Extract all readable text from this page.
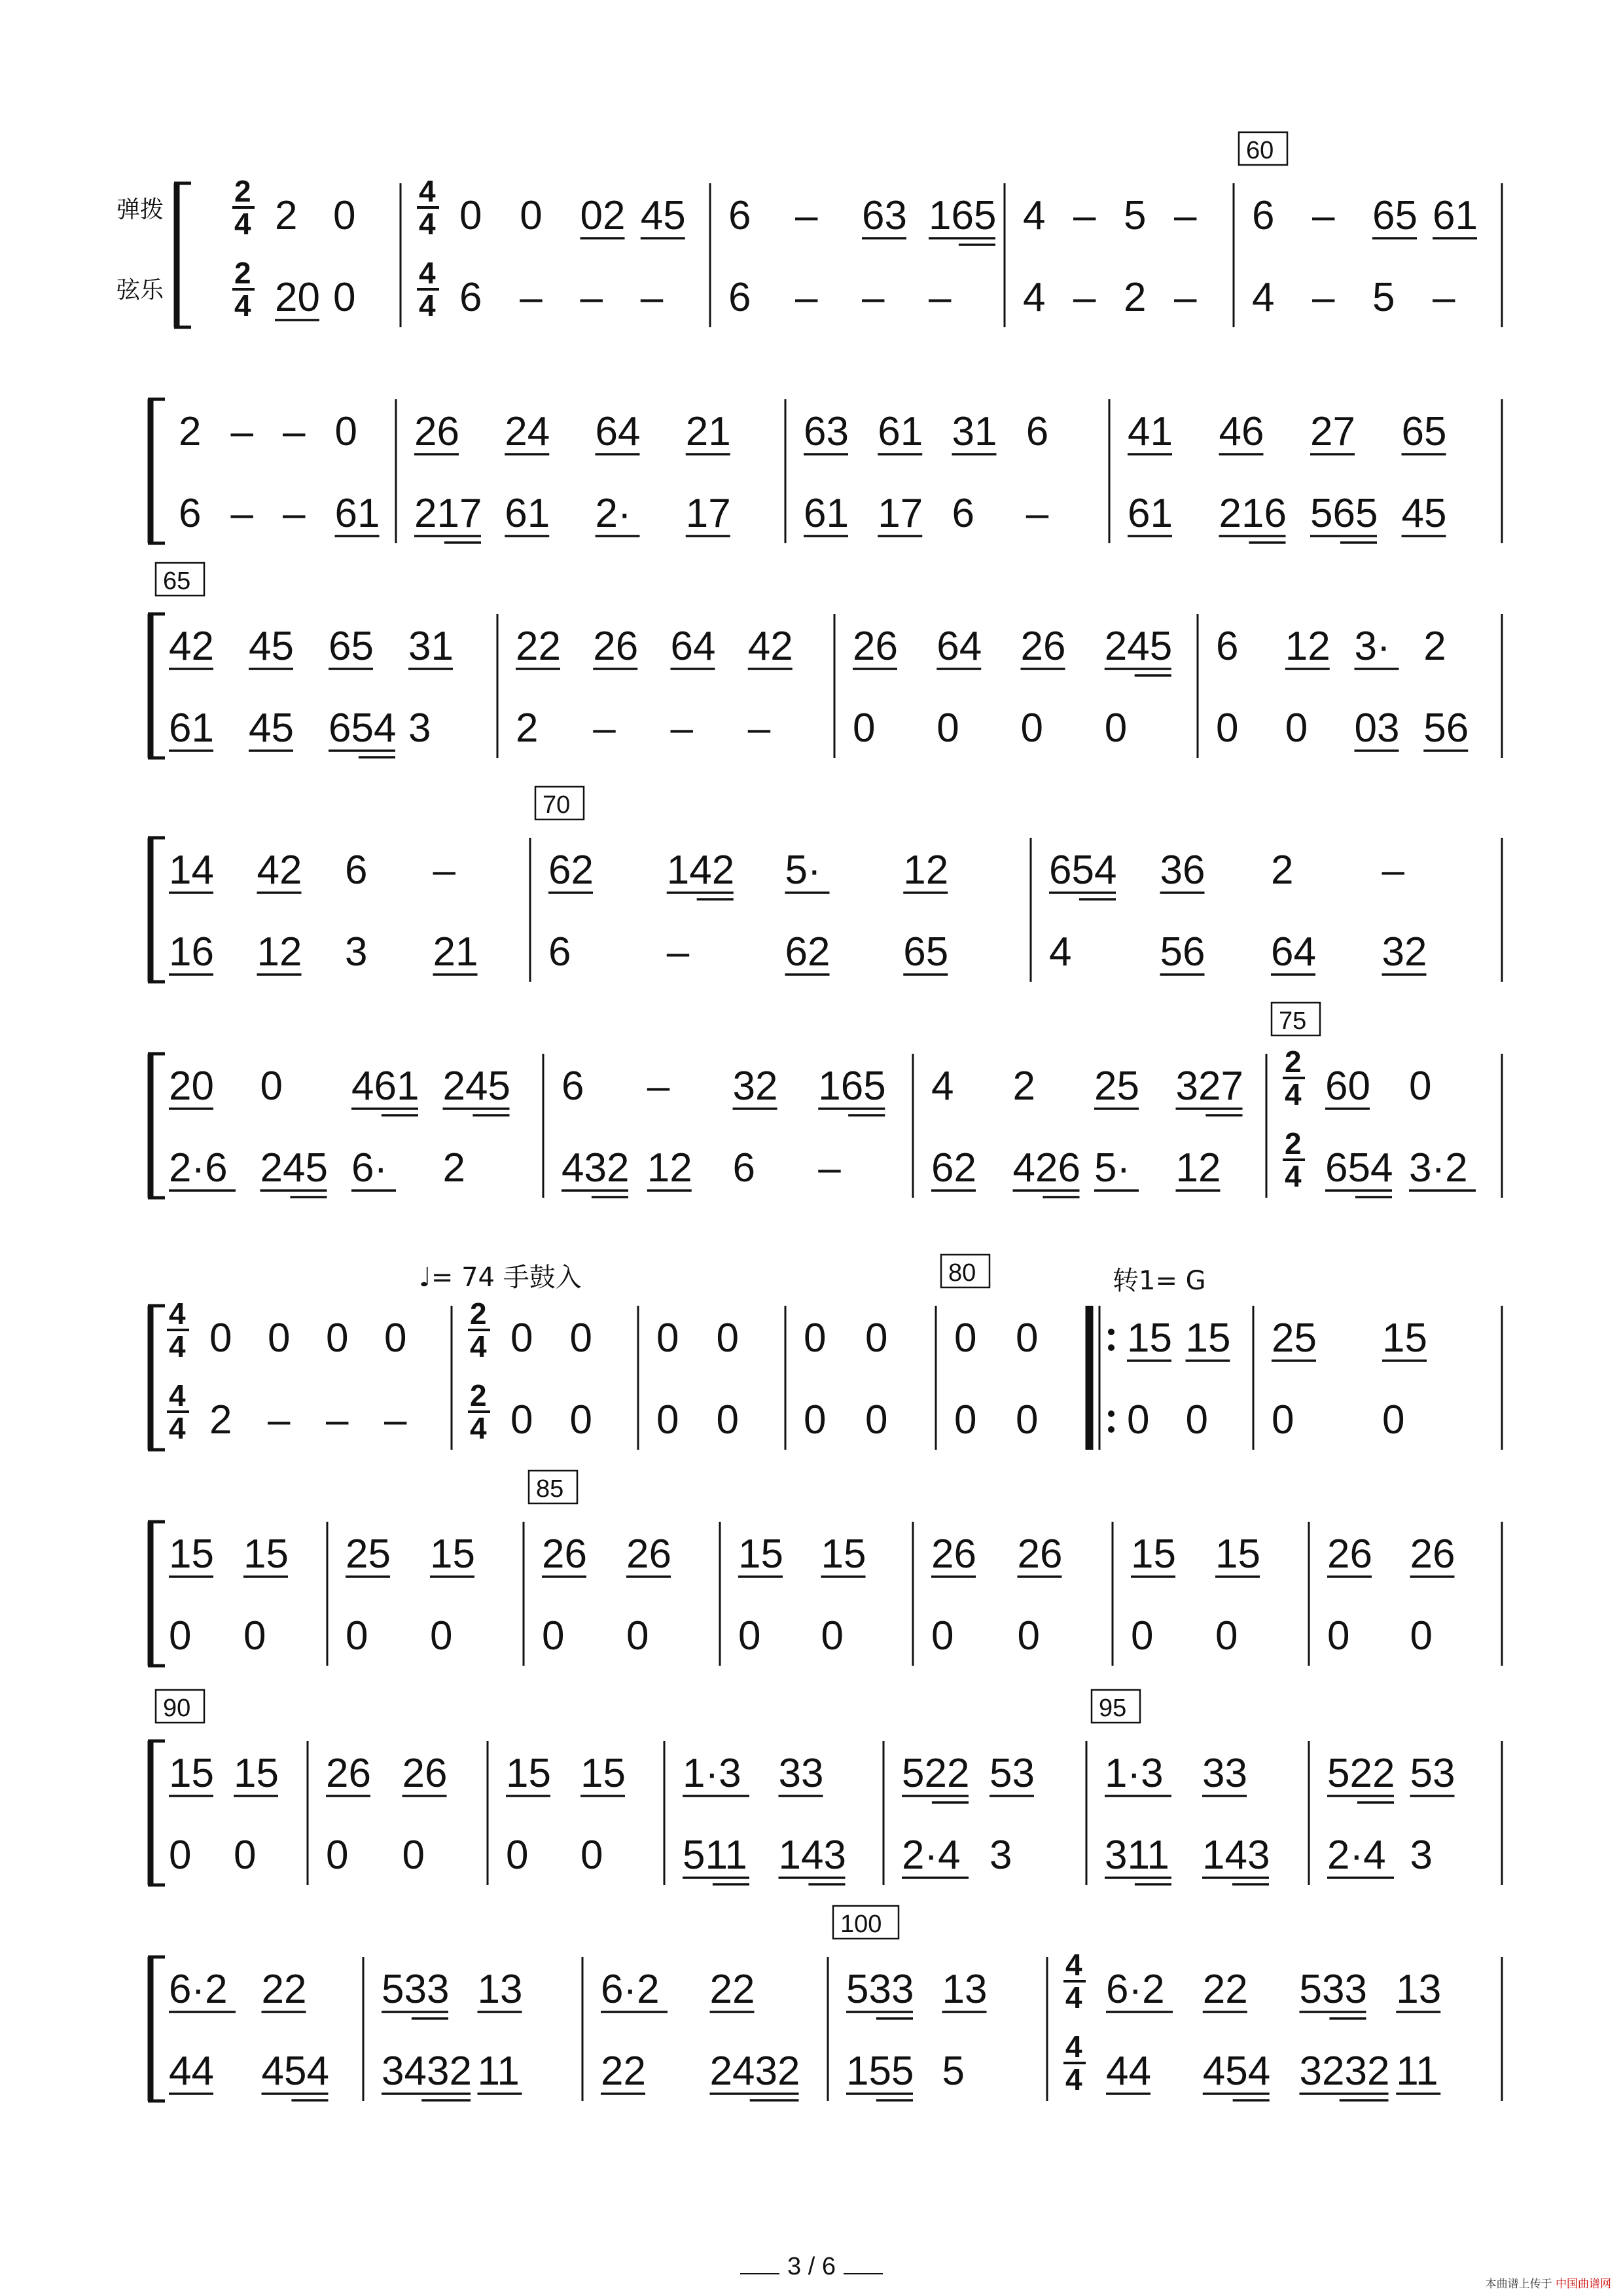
弹拨
弦乐
60
2
4
2
4
2 0
20 0
4
4
4
4
0 0 02 45
6 – – –
6 – 63 165
6 – – –
4 – 5 –
4 – 2 –
6 – 65 61
4 – 5 –
2 – – 0
6 – – 61
26 24 64 21
217 61 2· 17
63 61 31 6
61 17 6 –
41 46 27 65
61 216 565 45
65
42 45 65 31
61 45 654 3
22 26 64 42
2 – – –
26 64 26 245
0 0 0 0
6 12 3· 2
0 0 03 56
70
14 42 6 –
16 12 3 21
62 142 5· 12
6 – 62 65
654 36 2 –
4 56 64 32
75
20 0 461 245
2·6 245 6· 2
6 – 32 165
432 12 6 –
4 2 25 327
62 426 5· 12
2
4
2
4
60 0
654 3·2
80
♩= 74 手鼓入	转1= G
4
4
4
4
0 0 0 0
2 – – –
2
4
2
4
0 0
0 0
0 0
0 0
0 0
0 0
0 0
0 0
15 15
0 0
25 15
0 0
85
15 15
0 0
25 15
0 0
26 26
0 0
15 15
0 0
26 26
0 0
15 15
0 0
26 26
0 0
90	95
15 15
0 0
26 26
0 0
15 15
0 0
1·3 33
511 143
522 53
2·4 3
1·3 33
311 143
522 53
2·4 3
100
6·2 22
44 454
533 13
3432 11
6·2 22
22 2432
533 13
155 5
4
4
4
4
6·2 22 533 13
44 454 3232 11
3 / 6
本曲谱上传于 中国曲谱网
